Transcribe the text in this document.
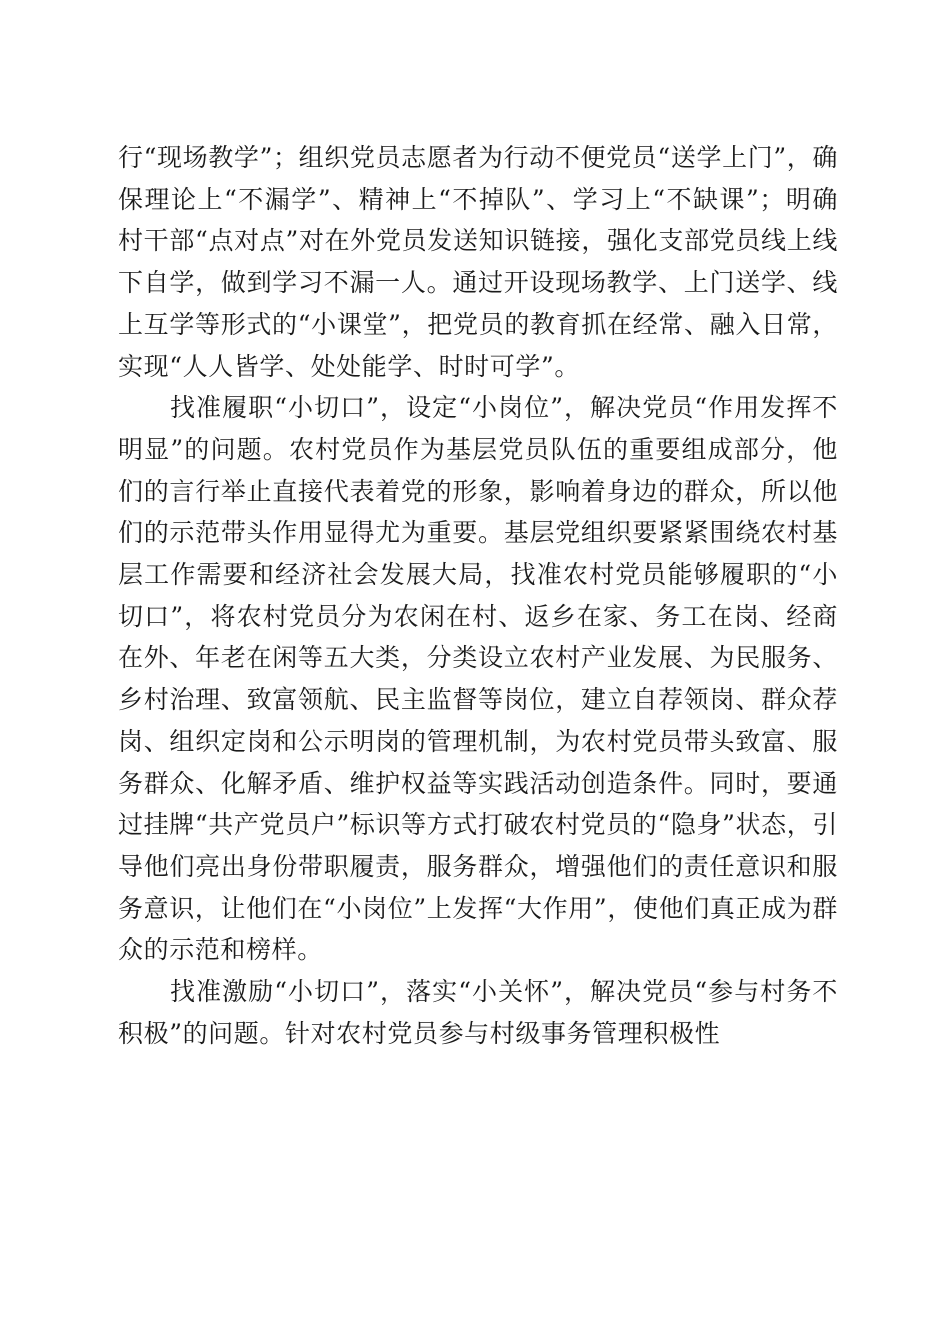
行“现场教学”；组织党员志愿者为行动不便党员“送学上门”，确保理论上“不漏学”、精神上“不掉队”、学习上“不缺课”；明确村干部“点对点”对在外党员发送知识链接，强化支部党员线上线下自学，做到学习不漏一人。通过开设现场教学、上门送学、线上互学等形式的“小课堂”，把党员的教育抓在经常、融入日常，实现“人人皆学、处处能学、时时可学”。

找准履职“小切口”，设定“小岗位”，解决党员“作用发挥不明显”的问题。农村党员作为基层党员队伍的重要组成部分，他们的言行举止直接代表着党的形象，影响着身边的群众，所以他们的示范带头作用显得尤为重要。基层党组织要紧紧围绕农村基层工作需要和经济社会发展大局，找准农村党员能够履职的“小切口”，将农村党员分为农闲在村、返乡在家、务工在岗、经商在外、年老在闲等五大类，分类设立农村产业发展、为民服务、乡村治理、致富领航、民主监督等岗位，建立自荐领岗、群众荐岗、组织定岗和公示明岗的管理机制，为农村党员带头致富、服务群众、化解矛盾、维护权益等实践活动创造条件。同时，要通过挂牌“共产党员户”标识等方式打破农村党员的“隐身”状态，引导他们亮出身份带职履责，服务群众，增强他们的责任意识和服务意识，让他们在“小岗位”上发挥“大作用”，使他们真正成为群众的示范和榜样。

找准激励“小切口”，落实“小关怀”，解决党员“参与村务不积极”的问题。针对农村党员参与村级事务管理积极性
